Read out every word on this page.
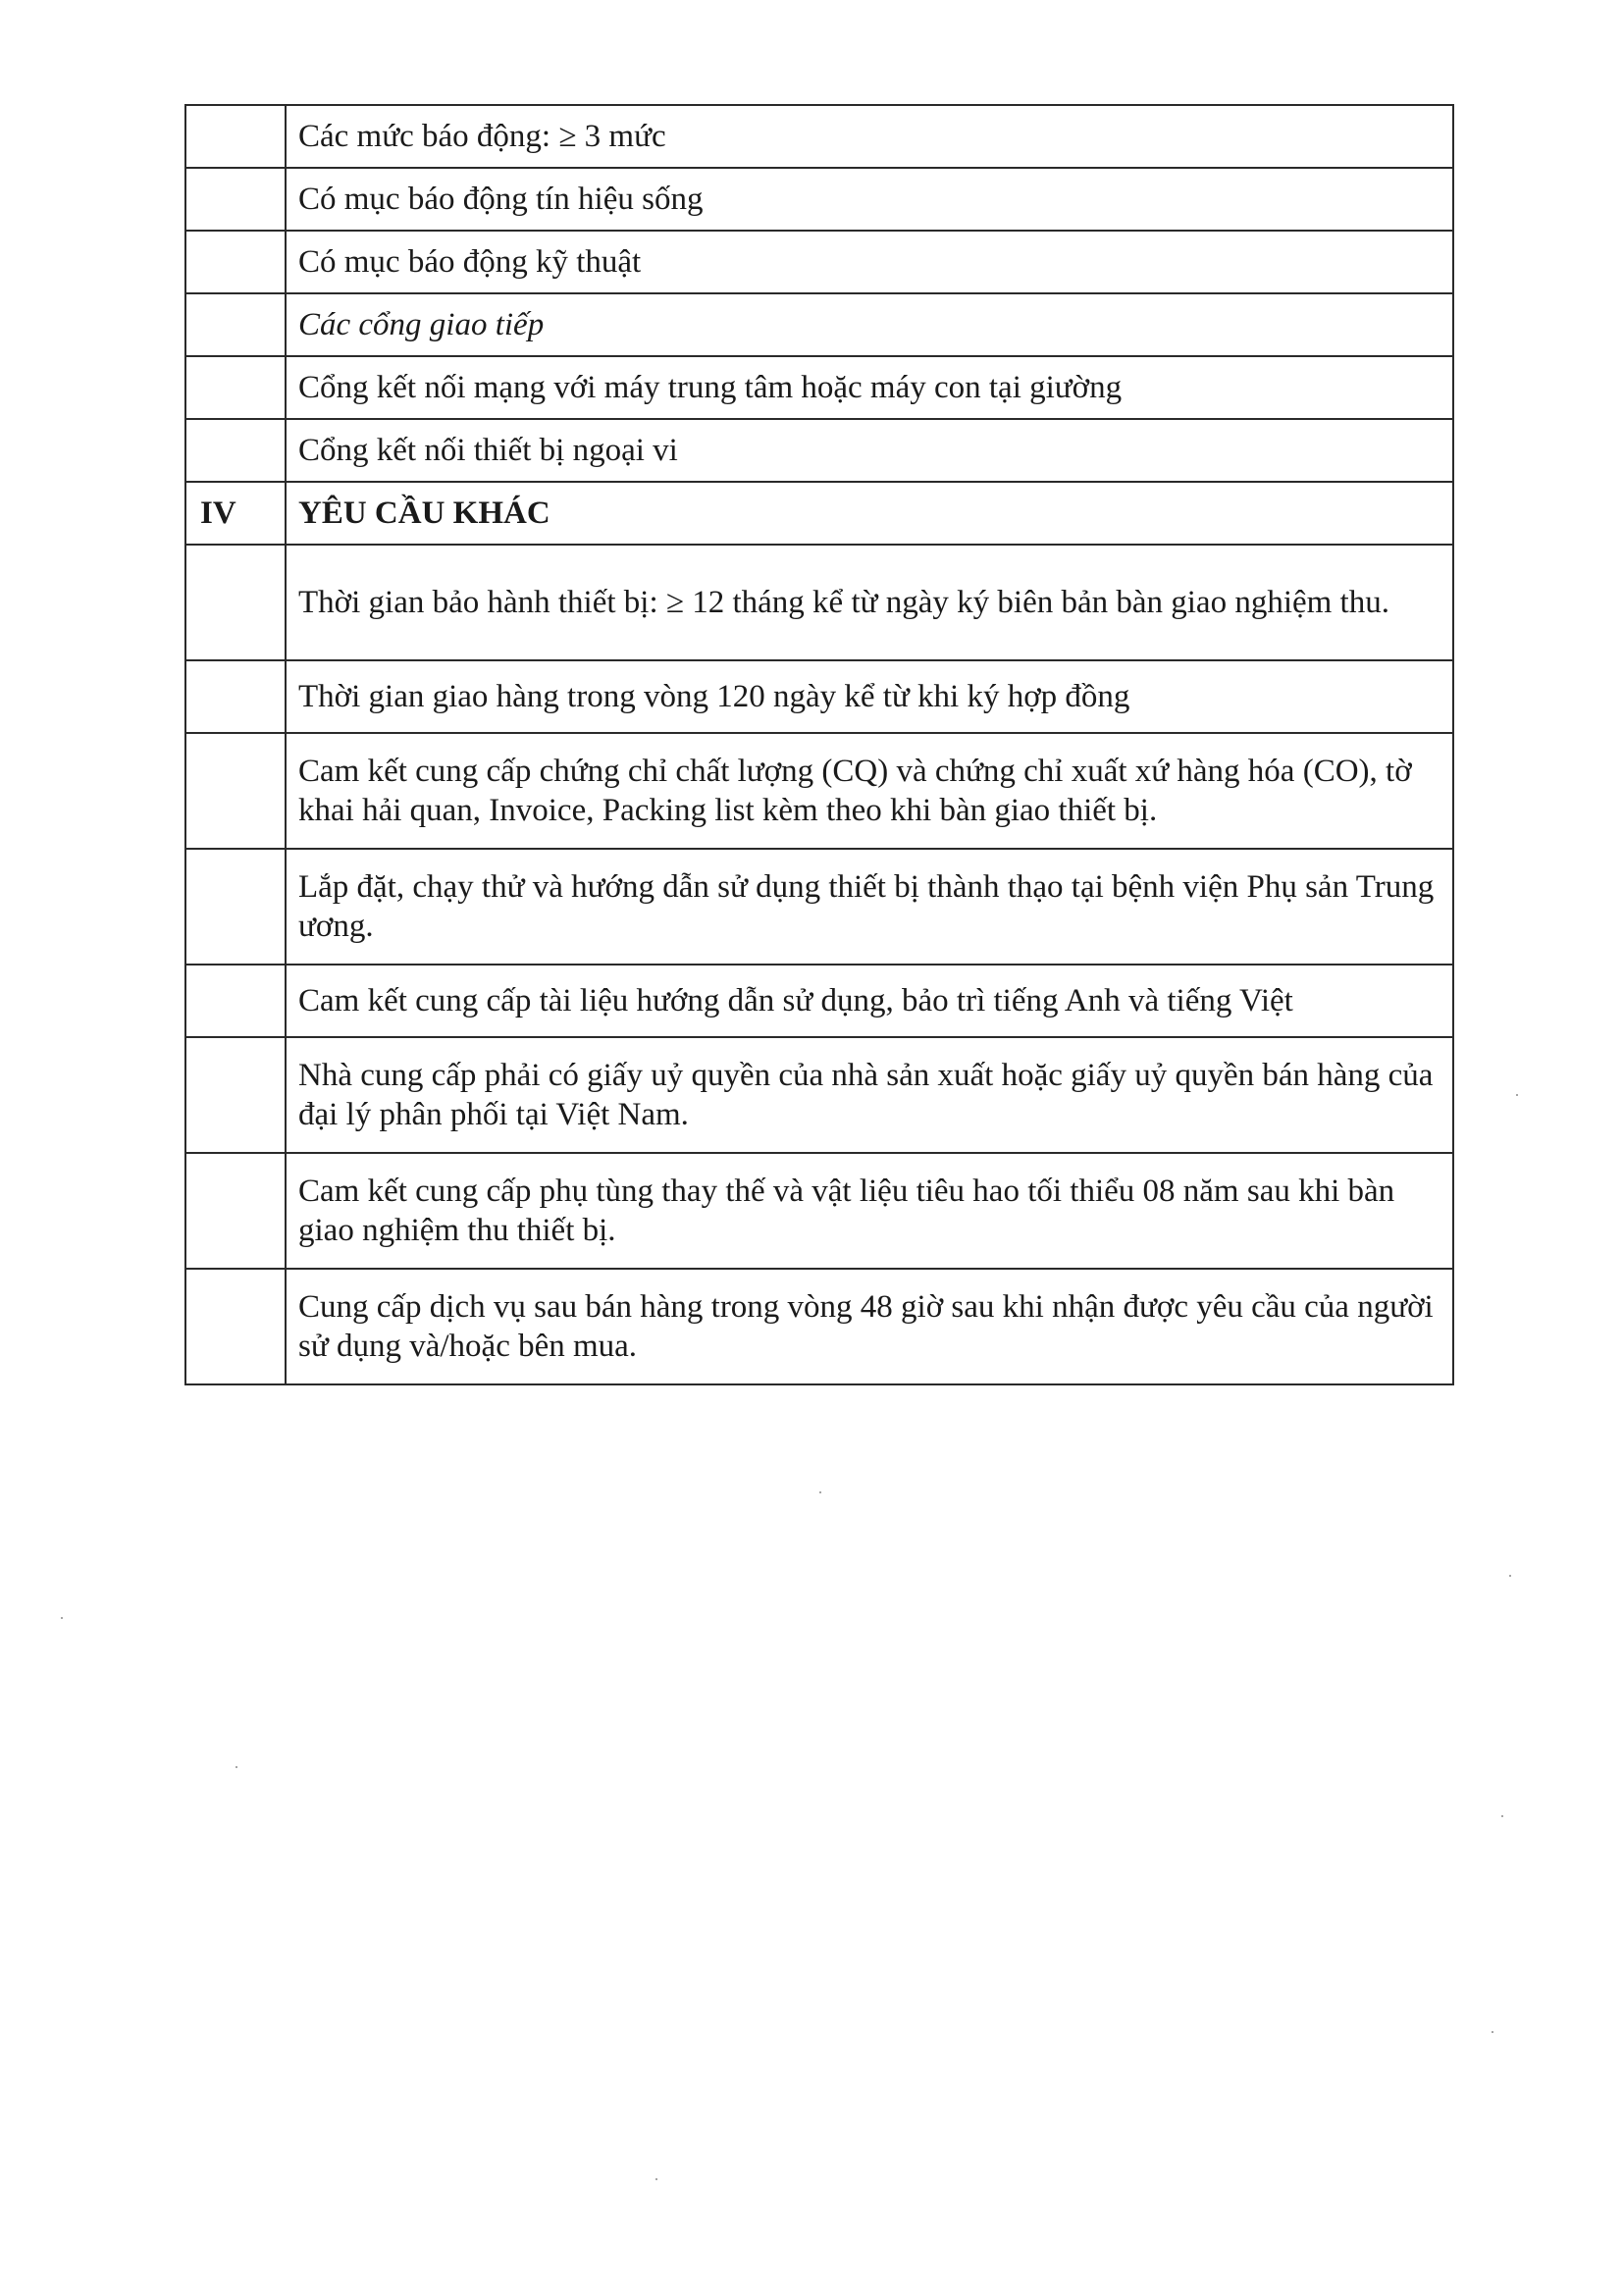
	Các mức báo động: ≥ 3 mức
	Có mục báo động tín hiệu sống
	Có mục báo động kỹ thuật
	Các cổng giao tiếp
	Cổng kết nối mạng với máy trung tâm hoặc máy con tại giường
	Cổng kết nối thiết bị ngoại vi
IV	YÊU CẦU KHÁC
	Thời gian bảo hành thiết bị: ≥ 12 tháng kể từ ngày ký biên bản bàn giao nghiệm thu.
	Thời gian giao hàng trong vòng 120 ngày kể từ khi ký hợp đồng
	Cam kết cung cấp chứng chỉ chất lượng (CQ) và chứng chỉ xuất xứ hàng hóa (CO), tờ khai hải quan, Invoice, Packing list kèm theo khi bàn giao thiết bị.
	Lắp đặt, chạy thử và hướng dẫn sử dụng thiết bị thành thạo tại bệnh viện Phụ sản Trung ương.
	Cam kết cung cấp tài liệu hướng dẫn sử dụng, bảo trì tiếng Anh và tiếng Việt
	Nhà cung cấp phải có giấy uỷ quyền của nhà sản xuất hoặc giấy uỷ quyền bán hàng của đại lý phân phối tại Việt Nam.
	Cam kết cung cấp phụ tùng thay thế và vật liệu tiêu hao tối thiểu 08 năm sau khi bàn giao nghiệm thu thiết bị.
	Cung cấp dịch vụ sau bán hàng trong vòng 48 giờ sau khi nhận được yêu cầu của người sử dụng và/hoặc bên mua.
